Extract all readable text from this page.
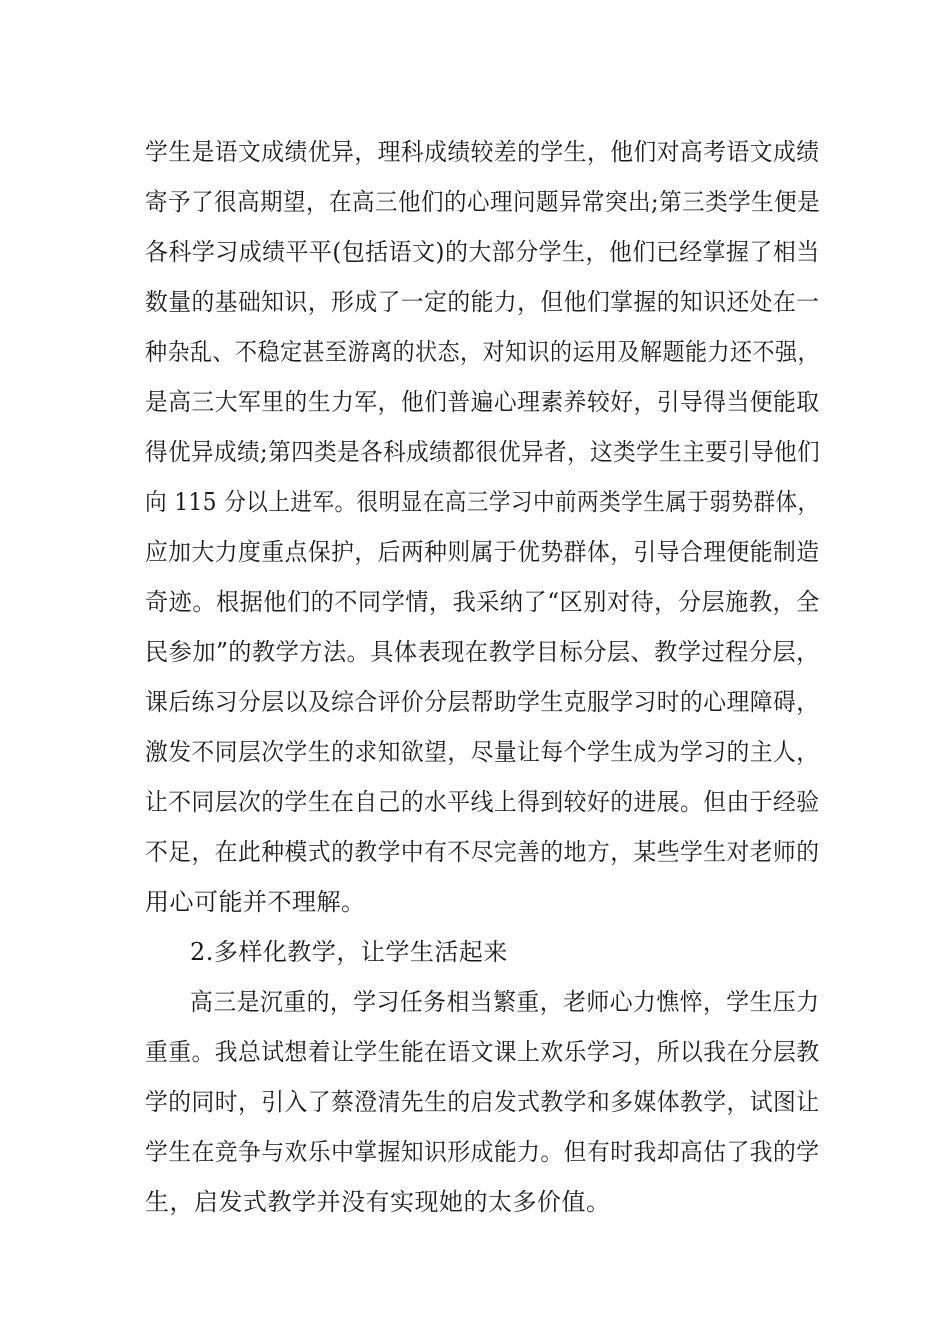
学生是语文成绩优异，理科成绩较差的学生，他们对高考语文成绩
寄予了很高期望，在高三他们的心理问题异常突出;第三类学生便是
各科学习成绩平平(包括语文)的大部分学生，他们已经掌握了相当
数量的基础知识，形成了一定的能力，但他们掌握的知识还处在一
种杂乱、不稳定甚至游离的状态，对知识的运用及解题能力还不强，
是高三大军里的生力军，他们普遍心理素养较好，引导得当便能取
得优异成绩;第四类是各科成绩都很优异者，这类学生主要引导他们
向 115 分以上进军。很明显在高三学习中前两类学生属于弱势群体，
应加大力度重点保护，后两种则属于优势群体，引导合理便能制造
奇迹。根据他们的不同学情，我采纳了“区别对待，分层施教，全
民参加”的教学方法。具体表现在教学目标分层、教学过程分层，
课后练习分层以及综合评价分层帮助学生克服学习时的心理障碍，
激发不同层次学生的求知欲望，尽量让每个学生成为学习的主人，
让不同层次的学生在自己的水平线上得到较好的进展。但由于经验
不足，在此种模式的教学中有不尽完善的地方，某些学生对老师的
用心可能并不理解。
2.多样化教学，让学生活起来
高三是沉重的，学习任务相当繁重，老师心力憔悴，学生压力
重重。我总试想着让学生能在语文课上欢乐学习，所以我在分层教
学的同时，引入了蔡澄清先生的启发式教学和多媒体教学，试图让
学生在竞争与欢乐中掌握知识形成能力。但有时我却高估了我的学
生，启发式教学并没有实现她的太多价值。
